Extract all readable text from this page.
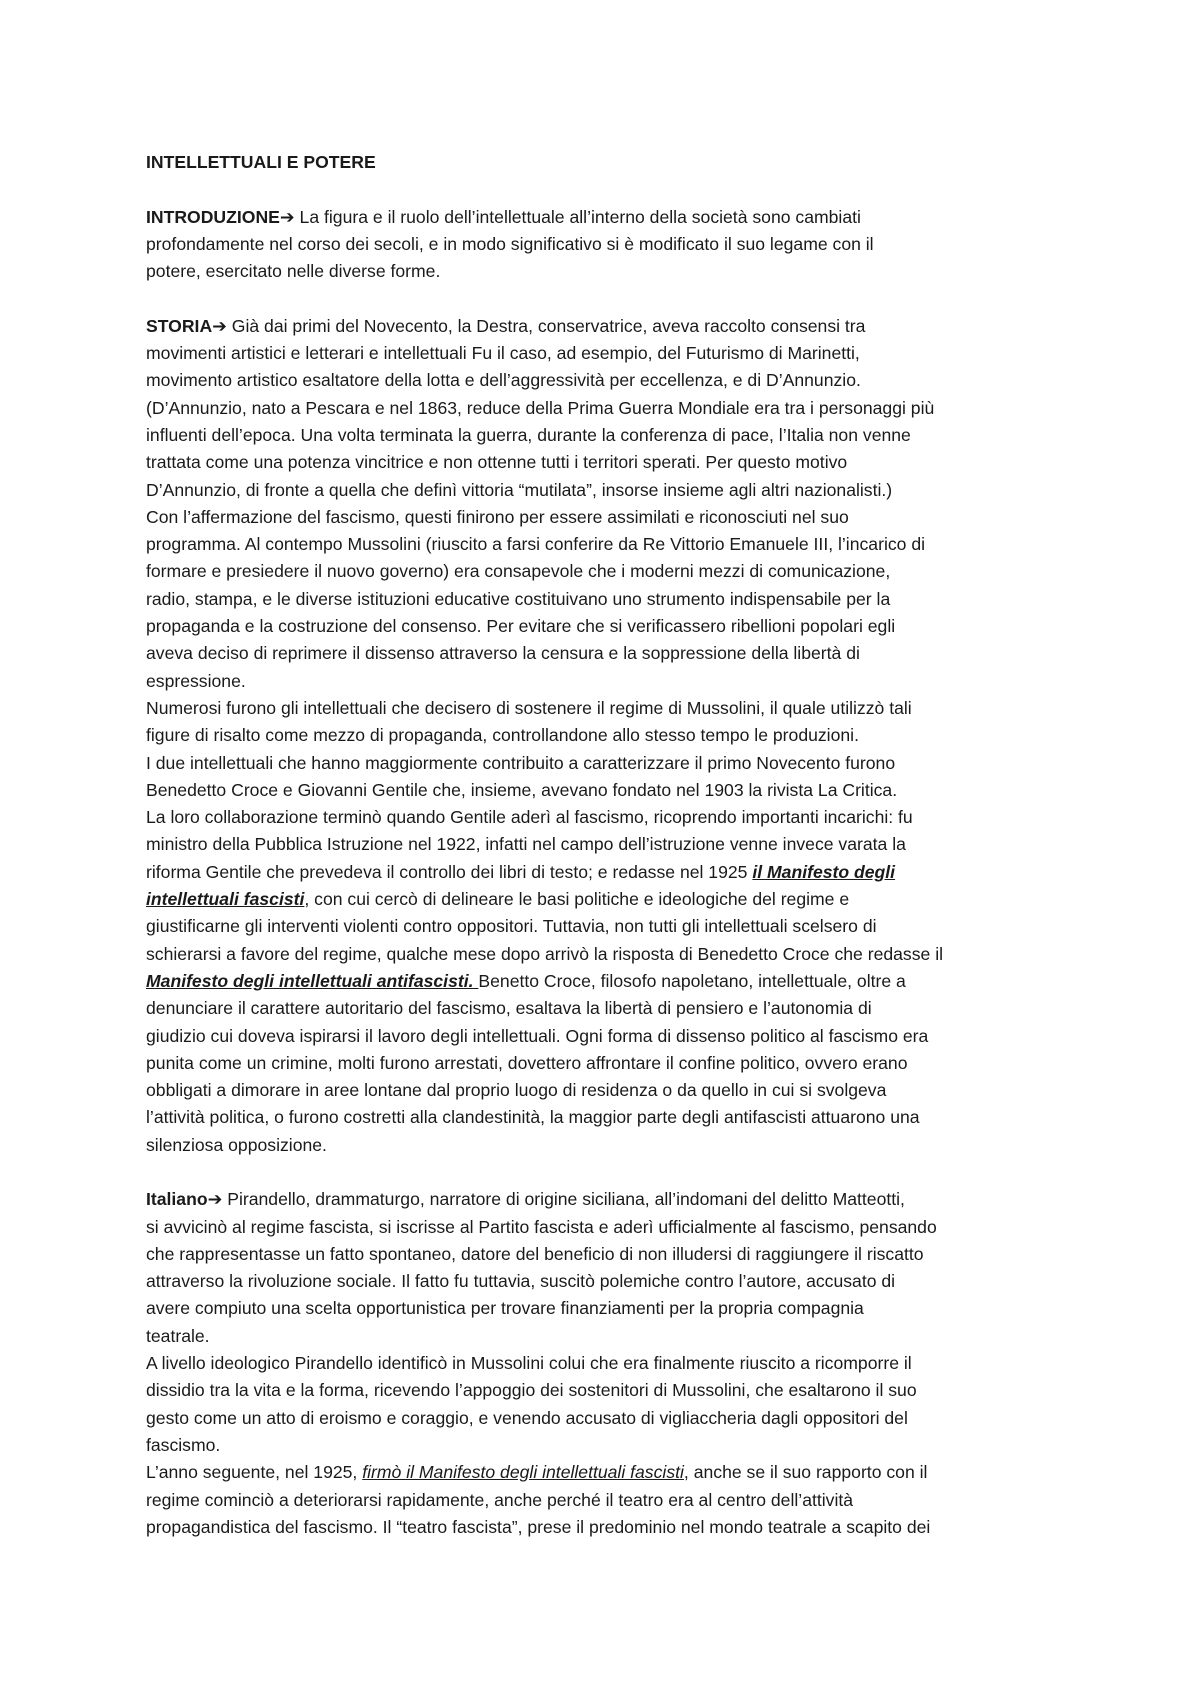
INTELLETTUALI E POTERE
INTRODUZIONE➔ La figura e il ruolo dell’intellettuale all’interno della società sono cambiati
profondamente nel corso dei secoli, e in modo significativo si è modificato il suo legame con il
potere, esercitato nelle diverse forme.
STORIA➔ Già dai primi del Novecento, la Destra, conservatrice, aveva raccolto consensi tra
movimenti artistici e letterari e intellettuali Fu il caso, ad esempio, del Futurismo di Marinetti,
movimento artistico esaltatore della lotta e dell’aggressività per eccellenza, e di D’Annunzio.
(D’Annunzio, nato a Pescara e nel 1863, reduce della Prima Guerra Mondiale era tra i personaggi più
influenti dell’epoca. Una volta terminata la guerra, durante la conferenza di pace, l’Italia non venne
trattata come una potenza vincitrice e non ottenne tutti i territori sperati. Per questo motivo
D’Annunzio, di fronte a quella che definì vittoria “mutilata”, insorse insieme agli altri nazionalisti.)
Con l’affermazione del fascismo, questi finirono per essere assimilati e riconosciuti nel suo
programma. Al contempo Mussolini (riuscito a farsi conferire da Re Vittorio Emanuele III, l’incarico di
formare e presiedere il nuovo governo) era consapevole che i moderni mezzi di comunicazione,
radio, stampa, e le diverse istituzioni educative costituivano uno strumento indispensabile per la
propaganda e la costruzione del consenso. Per evitare che si verificassero ribellioni popolari egli
aveva deciso di reprimere il dissenso attraverso la censura e la soppressione della libertà di
espressione.
Numerosi furono gli intellettuali che decisero di sostenere il regime di Mussolini, il quale utilizzò tali
figure di risalto come mezzo di propaganda, controllandone allo stesso tempo le produzioni.
I due intellettuali che hanno maggiormente contribuito a caratterizzare il primo Novecento furono
Benedetto Croce e Giovanni Gentile che, insieme, avevano fondato nel 1903 la rivista La Critica.
La loro collaborazione terminò quando Gentile aderì al fascismo, ricoprendo importanti incarichi: fu
ministro della Pubblica Istruzione nel 1922, infatti nel campo dell’istruzione venne invece varata la
riforma Gentile che prevedeva il controllo dei libri di testo; e redasse nel 1925 il Manifesto degli
intellettuali fascisti, con cui cercò di delineare le basi politiche e ideologiche del regime e
giustificarne gli interventi violenti contro oppositori. Tuttavia, non tutti gli intellettuali scelsero di
schierarsi a favore del regime, qualche mese dopo arrivò la risposta di Benedetto Croce che redasse il
Manifesto degli intellettuali antifascisti. Benetto Croce, filosofo napoletano, intellettuale, oltre a
denunciare il carattere autoritario del fascismo, esaltava la libertà di pensiero e l’autonomia di
giudizio cui doveva ispirarsi il lavoro degli intellettuali. Ogni forma di dissenso politico al fascismo era
punita come un crimine, molti furono arrestati, dovettero affrontare il confine politico, ovvero erano
obbligati a dimorare in aree lontane dal proprio luogo di residenza o da quello in cui si svolgeva
l’attività politica, o furono costretti alla clandestinità, la maggior parte degli antifascisti attuarono una
silenziosa opposizione.
Italiano➔ Pirandello, drammaturgo, narratore di origine siciliana, all’indomani del delitto Matteotti,
si avvicinò al regime fascista, si iscrisse al Partito fascista e aderì ufficialmente al fascismo, pensando
che rappresentasse un fatto spontaneo, datore del beneficio di non illudersi di raggiungere il riscatto
attraverso la rivoluzione sociale. Il fatto fu tuttavia, suscitò polemiche contro l’autore, accusato di
avere compiuto una scelta opportunistica per trovare finanziamenti per la propria compagnia
teatrale.
A livello ideologico Pirandello identificò in Mussolini colui che era finalmente riuscito a ricomporre il
dissidio tra la vita e la forma, ricevendo l’appoggio dei sostenitori di Mussolini, che esaltarono il suo
gesto come un atto di eroismo e coraggio, e venendo accusato di vigliaccheria dagli oppositori del
fascismo.
L’anno seguente, nel 1925, firmò il Manifesto degli intellettuali fascisti, anche se il suo rapporto con il
regime cominciò a deteriorarsi rapidamente, anche perché il teatro era al centro dell’attività
propagandistica del fascismo. Il “teatro fascista”, prese il predominio nel mondo teatrale a scapito dei
